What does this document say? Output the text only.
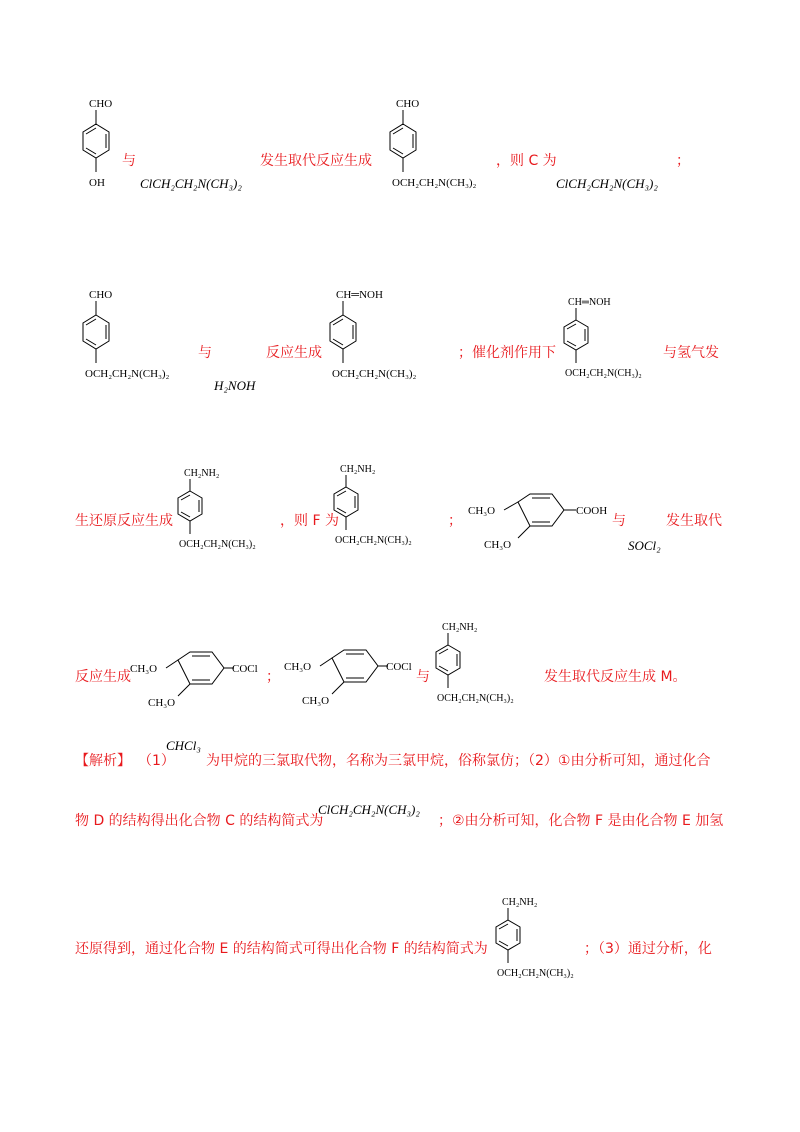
CHO
OH
与
ClCH₂CH₂N(CH₃)₂
发生取代反应生成
CHO
OCH₂CH₂N(CH₃)₂
，则 C 为
ClCH₂CH₂N(CH₃)₂
；
CHO
OCH₂CH₂N(CH₃)₂
与
H₂NOH
反应生成
CH═NOH
OCH₂CH₂N(CH₃)₂
；催化剂作用下
CH═NOH
OCH₂CH₂N(CH₃)₂
与氢气发
生还原反应生成
CH₂NH₂
OCH₂CH₂N(CH₃)₂
，则 F 为
CH₂NH₂
OCH₂CH₂N(CH₃)₂
；
CH₃O	COOH
CH₃O
与
SOCl₂
发生取代
反应生成 CH₃O	COCl
CH₃O
；
CH₃O	COCl
CH₃O
与
CH₂NH₂
OCH₂CH₂N(CH₃)₂
发生取代反应生成 M。
【解析】 （1）
CHCl₃
为甲烷的三氯取代物，名称为三氯甲烷，俗称氯仿；（2）①由分析可知，通过化合
物 D 的结构得出化合物 C 的结构简式为
ClCH₂CH₂N(CH₃)₂
；②由分析可知，化合物 F 是由化合物 E 加氢
还原得到，通过化合物 E 的结构简式可得出化合物 F 的结构简式为
CH₂NH₂
OCH₂CH₂N(CH₃)₂
；（3）通过分析，化
